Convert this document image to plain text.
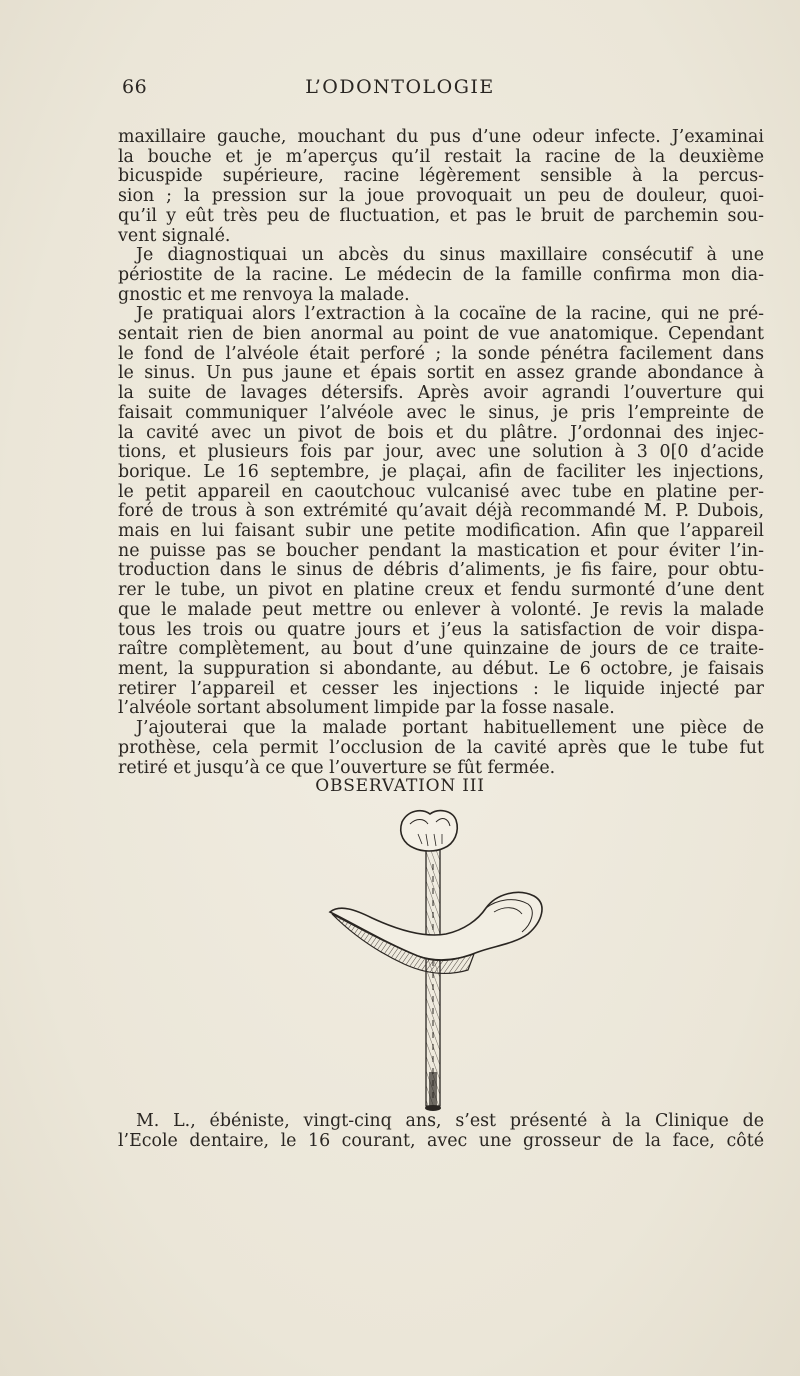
66	L’ODONTOLOGIE
maxillaire gauche, mouchant du pus d’une odeur infecte. J’examinai
la bouche et je m’aperçus qu’il restait la racine de la deuxième
bicuspide supérieure, racine légèrement sensible à la percus-
sion ; la pression sur la joue provoquait un peu de douleur, quoi-
qu’il y eût très peu de fluctuation, et pas le bruit de parchemin sou-
vent signalé.
Je diagnostiquai un abcès du sinus maxillaire consécutif à une
périostite de la racine. Le médecin de la famille confirma mon dia-
gnostic et me renvoya la malade.
Je pratiquai alors l’extraction à la cocaïne de la racine, qui ne pré-
sentait rien de bien anormal au point de vue anatomique. Cependant
le fond de l’alvéole était perforé ; la sonde pénétra facilement dans
le sinus. Un pus jaune et épais sortit en assez grande abondance à
la suite de lavages détersifs. Après avoir agrandi l’ouverture qui
faisait communiquer l’alvéole avec le sinus, je pris l’empreinte de
la cavité avec un pivot de bois et du plâtre. J’ordonnai des injec-
tions, et plusieurs fois par jour, avec une solution à 3 0[0 d’acide
borique. Le 16 septembre, je plaçai, afin de faciliter les injections,
le petit appareil en caoutchouc vulcanisé avec tube en platine per-
foré de trous à son extrémité qu’avait déjà recommandé M. P. Dubois,
mais en lui faisant subir une petite modification. Afin que l’appareil
ne puisse pas se boucher pendant la mastication et pour éviter l’in-
troduction dans le sinus de débris d’aliments, je fis faire, pour obtu-
rer le tube, un pivot en platine creux et fendu surmonté d’une dent
que le malade peut mettre ou enlever à volonté. Je revis la malade
tous les trois ou quatre jours et j’eus la satisfaction de voir dispa-
raître complètement, au bout d’une quinzaine de jours de ce traite-
ment, la suppuration si abondante, au début. Le 6 octobre, je faisais
retirer l’appareil et cesser les injections : le liquide injecté par
l’alvéole sortant absolument limpide par la fosse nasale.
J’ajouterai que la malade portant habituellement une pièce de
prothèse, cela permit l’occlusion de la cavité après que le tube fut
retiré et jusqu’à ce que l’ouverture se fût fermée.
OBSERVATION III
M. L., ébéniste, vingt-cinq ans, s’est présenté à la Clinique de
l’Ecole dentaire, le 16 courant, avec une grosseur de la face, côté
